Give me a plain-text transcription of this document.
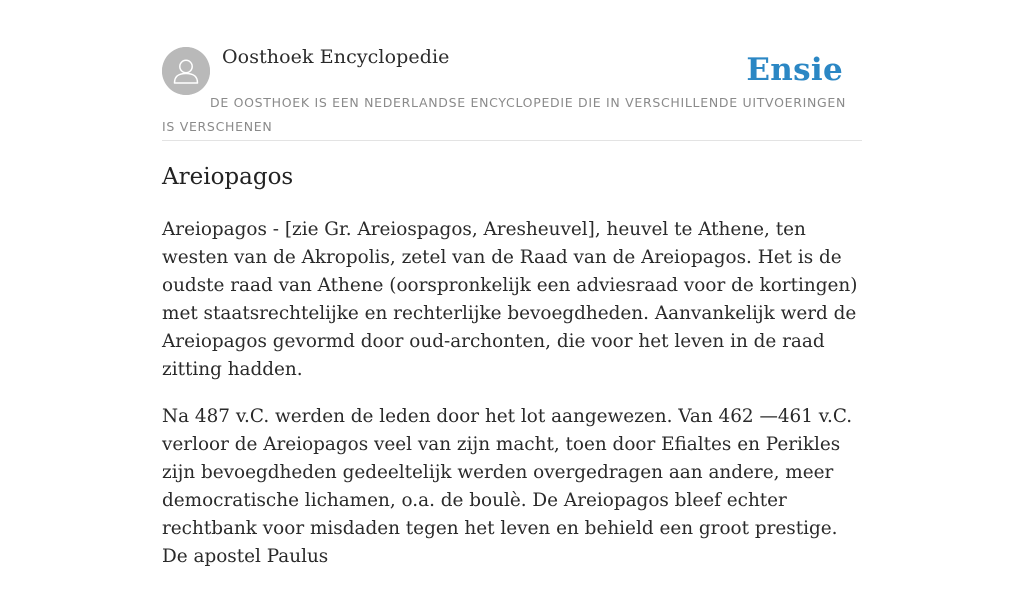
Oosthoek Encyclopedie	Ensie
DE OOSTHOEK IS EEN NEDERLANDSE ENCYCLOPEDIE DIE IN VERSCHILLENDE UITVOERINGEN IS VERSCHENEN
Areiopagos

Areiopagos - [zie Gr. Areiospagos, Aresheuvel], heuvel te Athene, ten westen van de Akropolis, zetel van de Raad van de Areiopagos. Het is de oudste raad van Athene (oorspronkelijk een adviesraad voor de kortingen) met staatsrechtelijke en rechterlijke bevoegdheden. Aanvankelijk werd de Areiopagos gevormd door oud-archonten, die voor het leven in de raad zitting hadden.

Na 487 v.C. werden de leden door het lot aangewezen. Van 462 —461 v.C. verloor de Areiopagos veel van zijn macht, toen door Efialtes en Perikles zijn bevoegdheden gedeeltelijk werden overgedragen aan andere, meer democratische lichamen, o.a. de boulè. De Areiopagos bleef echter rechtbank voor misdaden tegen het leven en behield een groot prestige. De apostel Paulus
